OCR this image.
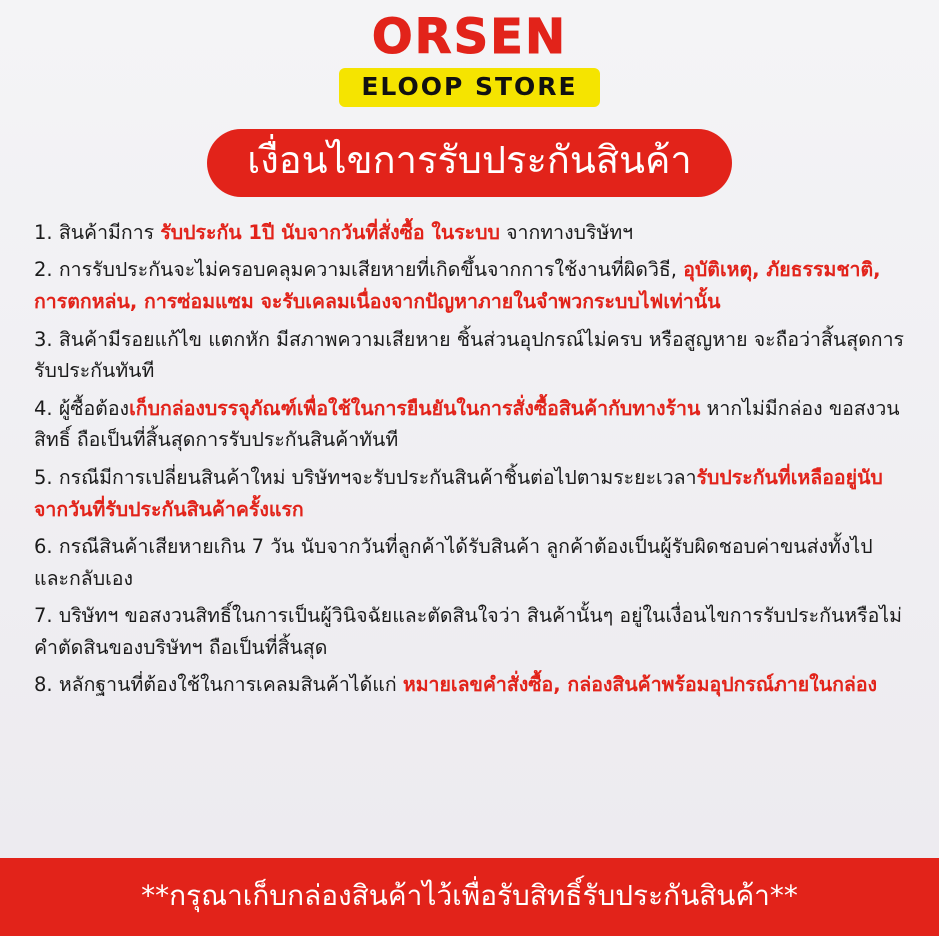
ORSEN
ELOOP STORE
เงื่อนไขการรับประกันสินค้า
1. สินค้ามีการ รับประกัน 1ปี นับจากวันที่สั่งซื้อ ในระบบ จากทางบริษัทฯ
2. การรับประกันจะไม่ครอบคลุมความเสียหายที่เกิดขึ้นจากการใช้งานที่ผิดวิธี, อุบัติเหตุ, ภัยธรรมชาติ, การตกหล่น, การซ่อมแซม จะรับเคลมเนื่องจากปัญหาภายในจำพวกระบบไฟเท่านั้น
3. สินค้ามีรอยแก้ไข แตกหัก มีสภาพความเสียหาย ชิ้นส่วนอุปกรณ์ไม่ครบ หรือสูญหาย จะถือว่าสิ้นสุดการรับประกันทันที
4. ผู้ซื้อต้องเก็บกล่องบรรจุภัณฑ์เพื่อใช้ในการยืนยันในการสั่งซื้อสินค้ากับทางร้าน หากไม่มีกล่อง ขอสงวนสิทธิ์ ถือเป็นที่สิ้นสุดการรับประกันสินค้าทันที
5. กรณีมีการเปลี่ยนสินค้าใหม่ บริษัทฯจะรับประกันสินค้าชิ้นต่อไปตามระยะเวลารับประกันที่เหลืออยู่นับจากวันที่รับประกันสินค้าครั้งแรก
6. กรณีสินค้าเสียหายเกิน 7 วัน นับจากวันที่ลูกค้าได้รับสินค้า ลูกค้าต้องเป็นผู้รับผิดชอบค่าขนส่งทั้งไปและกลับเอง
7. บริษัทฯ ขอสงวนสิทธิ์ในการเป็นผู้วินิจฉัยและตัดสินใจว่า สินค้านั้นๆ อยู่ในเงื่อนไขการรับประกันหรือไม่ คำตัดสินของบริษัทฯ ถือเป็นที่สิ้นสุด
8. หลักฐานที่ต้องใช้ในการเคลมสินค้าได้แก่ หมายเลขคำสั่งซื้อ, กล่องสินค้าพร้อมอุปกรณ์ภายในกล่อง
**กรุณาเก็บกล่องสินค้าไว้เพื่อรับสิทธิ์รับประกันสินค้า**
